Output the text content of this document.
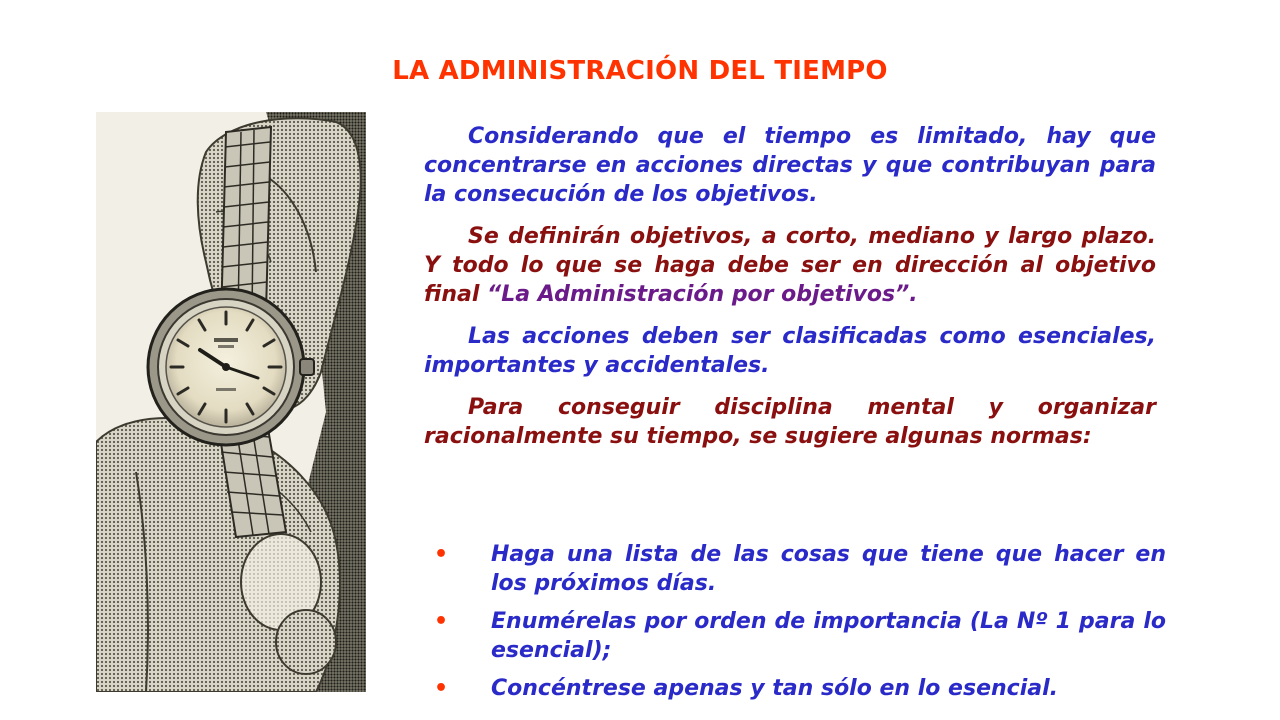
LA ADMINISTRACIÓN DEL TIEMPO

Considerando que el tiempo es limitado, hay que concentrarse en acciones directas y que contribuyan para la consecución de los objetivos.

Se definirán objetivos, a corto, mediano y largo plazo. Y todo lo que se haga debe ser en dirección al objetivo final “La Administración por objetivos”.

Las acciones deben ser clasificadas como esenciales, importantes y accidentales.

Para conseguir disciplina mental y organizar racionalmente su tiempo, se sugiere algunas normas:

• Haga una lista de las cosas que tiene que hacer en los próximos días.
• Enumérelas por orden de importancia (La Nº 1 para lo esencial);
• Concéntrese apenas y tan sólo en lo esencial.
